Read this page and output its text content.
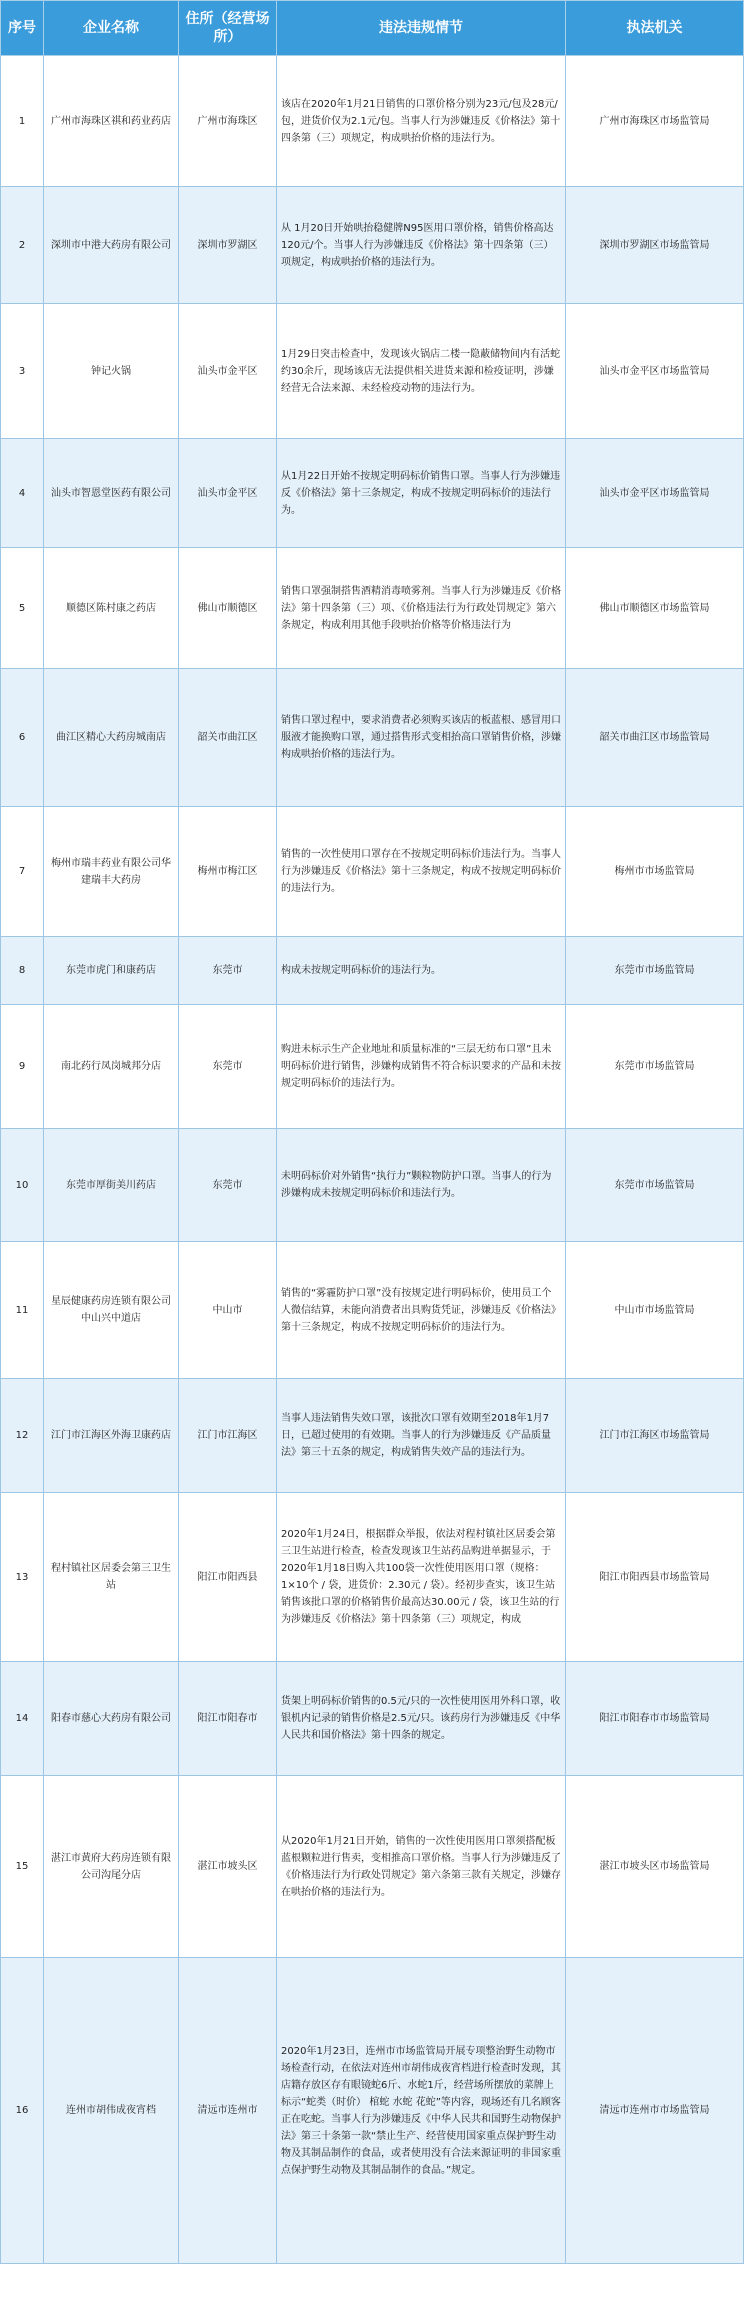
序号	企业名称	住所（经营场所）	违法违规情节	执法机关
1	广州市海珠区祺和药业药店	广州市海珠区	该店在2020年1月21日销售的口罩价格分别为23元/包及28元/包，进货价仅为2.1元/包。当事人行为涉嫌违反《价格法》第十四条第（三）项规定，构成哄抬价格的违法行为。	广州市海珠区市场监管局
2	深圳市中港大药房有限公司	深圳市罗湖区	从 1月20日开始哄抬稳健牌N95医用口罩价格，销售价格高达120元/个。当事人行为涉嫌违反《价格法》第十四条第（三）项规定，构成哄抬价格的违法行为。	深圳市罗湖区市场监管局
3	钟记火锅	汕头市金平区	1月29日突击检查中，发现该火锅店二楼一隐蔽储物间内有活蛇约30余斤，现场该店无法提供相关进货来源和检疫证明，涉嫌经营无合法来源、未经检疫动物的违法行为。	汕头市金平区市场监管局
4	汕头市智恩堂医药有限公司	汕头市金平区	从1月22日开始不按规定明码标价销售口罩。当事人行为涉嫌违反《价格法》第十三条规定，构成不按规定明码标价的违法行为。	汕头市金平区市场监管局
5	顺德区陈村康之药店	佛山市顺德区	销售口罩强制搭售酒精消毒喷雾剂。当事人行为涉嫌违反《价格法》第十四条第（三）项、《价格违法行为行政处罚规定》第六条规定，构成利用其他手段哄抬价格等价格违法行为	佛山市顺德区市场监管局
6	曲江区精心大药房城南店	韶关市曲江区	销售口罩过程中，要求消费者必须购买该店的板蓝根、感冒用口服液才能换购口罩，通过搭售形式变相抬高口罩销售价格，涉嫌构成哄抬价格的违法行为。	韶关市曲江区市场监管局
7	梅州市瑞丰药业有限公司华建瑞丰大药房	梅州市梅江区	销售的一次性使用口罩存在不按规定明码标价违法行为。当事人行为涉嫌违反《价格法》第十三条规定，构成不按规定明码标价的违法行为。	梅州市市场监管局
8	东莞市虎门和康药店	东莞市	构成未按规定明码标价的违法行为。	东莞市市场监管局
9	南北药行凤岗城邦分店	东莞市	购进未标示生产企业地址和质量标准的“三层无纺布口罩”且未明码标价进行销售，涉嫌构成销售不符合标识要求的产品和未按规定明码标价的违法行为。	东莞市市场监管局
10	东莞市厚街美川药店	东莞市	未明码标价对外销售“执行力”颗粒物防护口罩。当事人的行为涉嫌构成未按规定明码标价和违法行为。	东莞市市场监管局
11	星辰健康药房连锁有限公司中山兴中道店	中山市	销售的“雾霾防护口罩”没有按规定进行明码标价，使用员工个人微信结算，未能向消费者出具购货凭证，涉嫌违反《价格法》第十三条规定，构成不按规定明码标价的违法行为。	中山市市场监管局
12	江门市江海区外海卫康药店	江门市江海区	当事人违法销售失效口罩，该批次口罩有效期至2018年1月7日，已超过使用的有效期。当事人的行为涉嫌违反《产品质量法》第三十五条的规定，构成销售失效产品的违法行为。	江门市江海区市场监管局
13	程村镇社区居委会第三卫生站	阳江市阳西县	2020年1月24日，根据群众举报，依法对程村镇社区居委会第三卫生站进行检查，检查发现该卫生站药品购进单据显示，于2020年1月18日购入共100袋一次性使用医用口罩（规格：1×10个 / 袋，进货价：2.30元 / 袋）。经初步查实，该卫生站销售该批口罩的价格销售价最高达30.00元 / 袋，该卫生站的行为涉嫌违反《价格法》第十四条第（三）项规定，构成	阳江市阳西县市场监管局
14	阳春市慈心大药房有限公司	阳江市阳春市	货架上明码标价销售的0.5元/只的一次性使用医用外科口罩，收银机内记录的销售价格是2.5元/只。该药房行为涉嫌违反《中华人民共和国价格法》第十四条的规定。	阳江市阳春市市场监管局
15	湛江市黄府大药房连锁有限公司沟尾分店	湛江市坡头区	从2020年1月21日开始，销售的一次性使用医用口罩须搭配板蓝根颗粒进行售卖，变相推高口罩价格。当事人行为涉嫌违反了《价格违法行为行政处罚规定》第六条第三款有关规定，涉嫌存在哄抬价格的违法行为。	湛江市坡头区市场监管局
16	连州市胡伟成夜宵档	清远市连州市	2020年1月23日，连州市市场监管局开展专项整治野生动物市场检查行动，在依法对连州市胡伟成夜宵档进行检查时发现，其店籍存放区存有眼镜蛇6斤、水蛇1斤，经营场所摆放的菜牌上标示“蛇类（时价） 棺蛇 水蛇 花蛇”等内容，现场还有几名顾客正在吃蛇。当事人行为涉嫌违反《中华人民共和国野生动物保护法》第三十条第一款“禁止生产、经营使用国家重点保护野生动物及其制品制作的食品，或者使用没有合法来源证明的非国家重点保护野生动物及其制品制作的食品。”规定。	清远市连州市市场监管局
